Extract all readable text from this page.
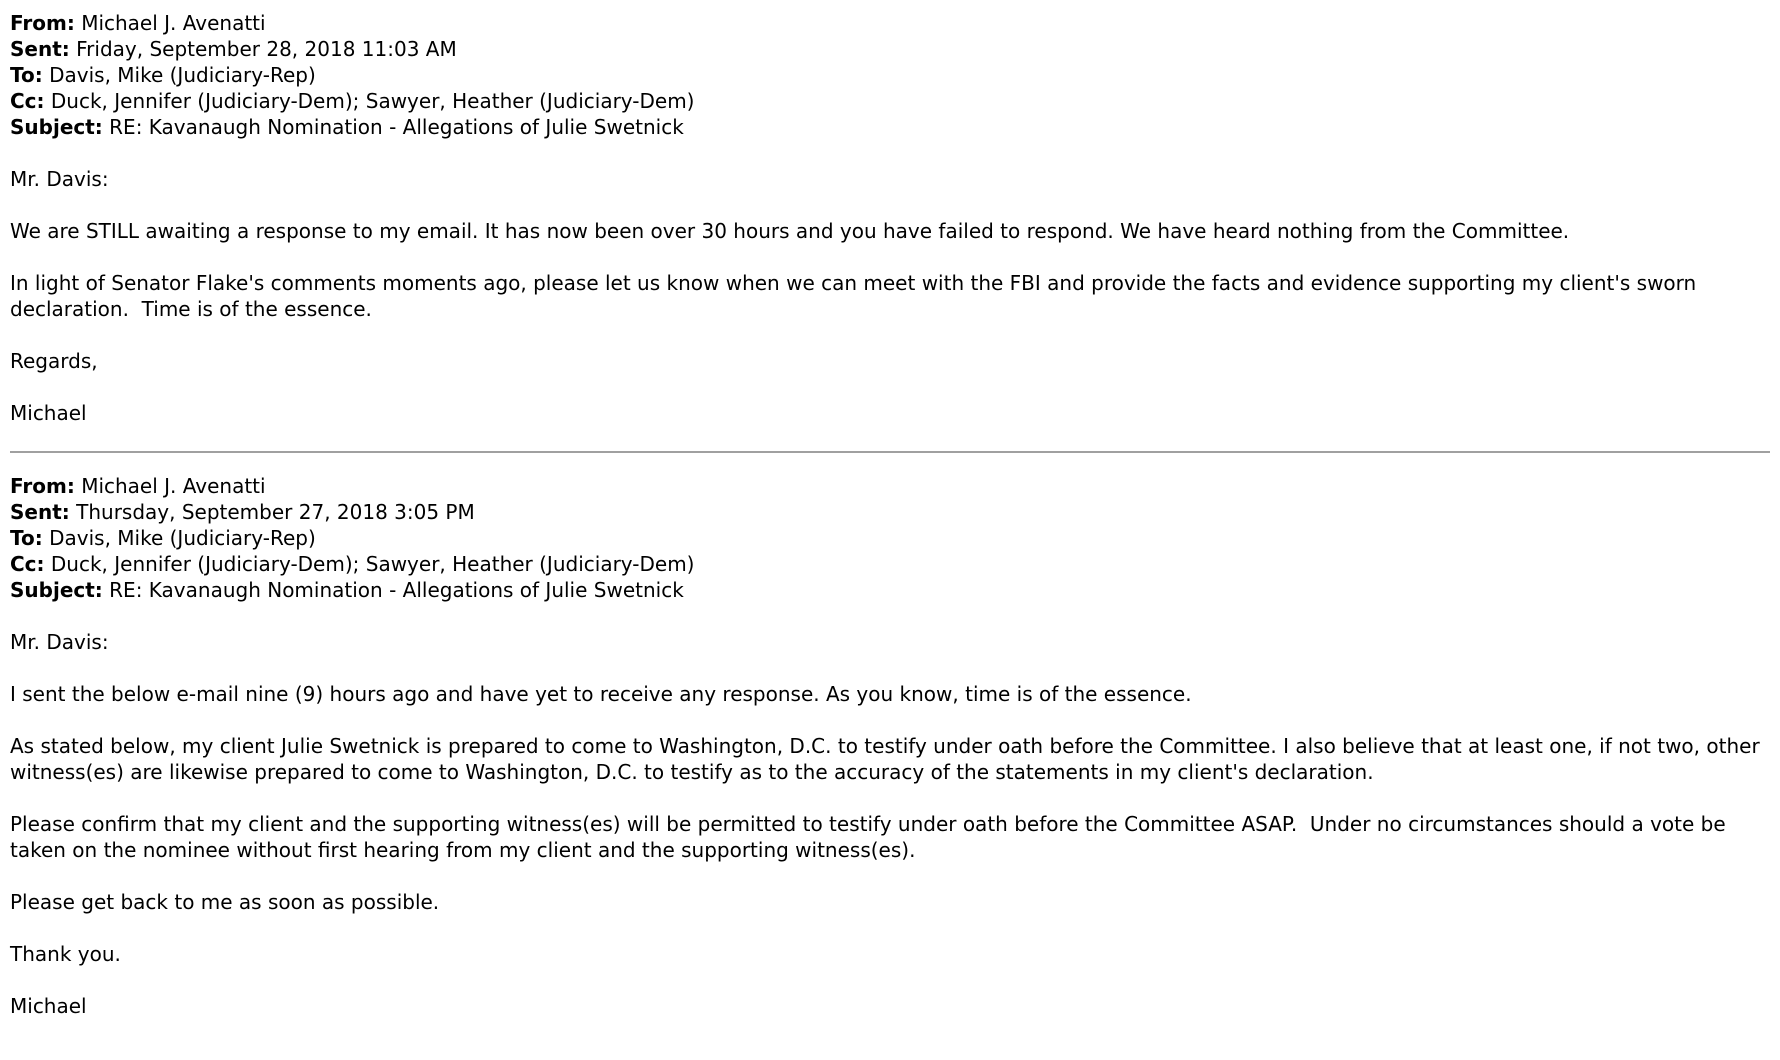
From: Michael J. Avenatti
Sent: Friday, September 28, 2018 11:03 AM
To: Davis, Mike (Judiciary-Rep)
Cc: Duck, Jennifer (Judiciary-Dem); Sawyer, Heather (Judiciary-Dem)
Subject: RE: Kavanaugh Nomination - Allegations of Julie Swetnick

Mr. Davis:

We are STILL awaiting a response to my email. It has now been over 30 hours and you have failed to respond. We have heard nothing from the Committee.

In light of Senator Flake's comments moments ago, please let us know when we can meet with the FBI and provide the facts and evidence supporting my client's sworn declaration.  Time is of the essence.

Regards,

Michael

From: Michael J. Avenatti
Sent: Thursday, September 27, 2018 3:05 PM
To: Davis, Mike (Judiciary-Rep)
Cc: Duck, Jennifer (Judiciary-Dem); Sawyer, Heather (Judiciary-Dem)
Subject: RE: Kavanaugh Nomination - Allegations of Julie Swetnick

Mr. Davis:

I sent the below e-mail nine (9) hours ago and have yet to receive any response. As you know, time is of the essence.

As stated below, my client Julie Swetnick is prepared to come to Washington, D.C. to testify under oath before the Committee. I also believe that at least one, if not two, other witness(es) are likewise prepared to come to Washington, D.C. to testify as to the accuracy of the statements in my client's declaration.

Please confirm that my client and the supporting witness(es) will be permitted to testify under oath before the Committee ASAP.  Under no circumstances should a vote be taken on the nominee without first hearing from my client and the supporting witness(es).

Please get back to me as soon as possible.

Thank you.

Michael
